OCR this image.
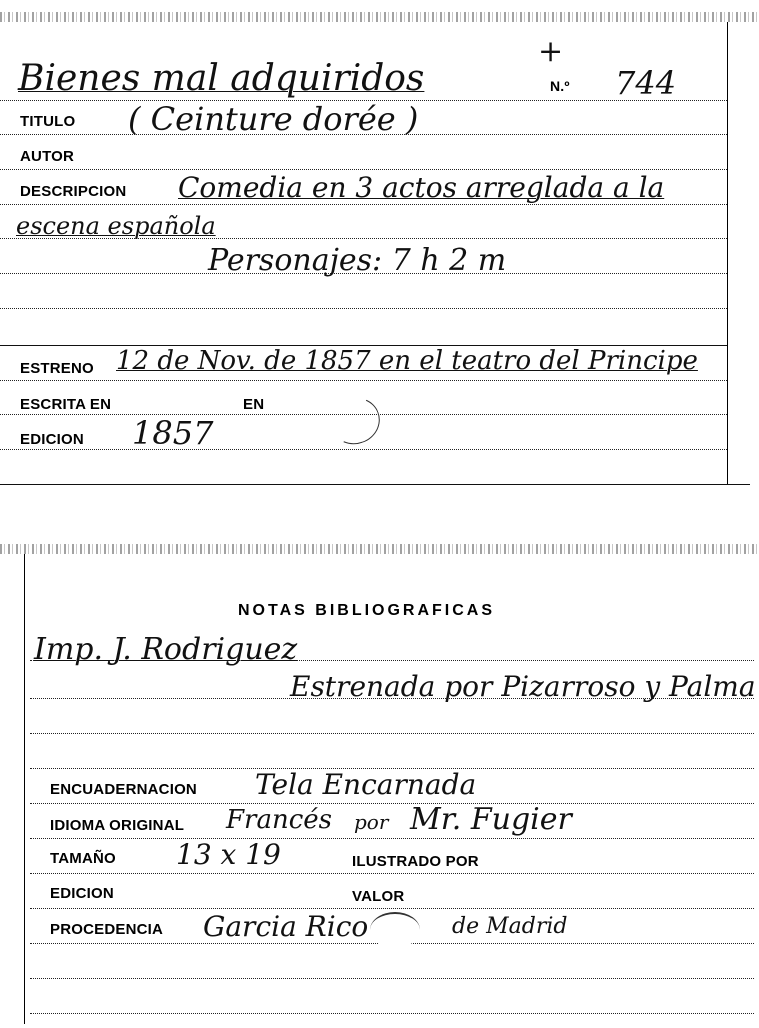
Bienes mal adquiridos
+
N.º 744
TITULO ( Ceinture dorée )
AUTOR
DESCRIPCION Comedia en 3 actos arreglada a la
escena española
Personajes: 7 h 2 m
ESTRENO 12 de Nov. de 1857 en el teatro del Principe
ESCRITA EN	EN
EDICION 1857
NOTAS BIBLIOGRAFICAS
Imp. J. Rodriguez
Estrenada por Pizarroso y Palma
ENCUADERNACION Tela Encarnada
IDIOMA ORIGINAL Francés por Mr. Fugier
TAMAÑO 13 x 19	ILUSTRADO POR
EDICION	VALOR
PROCEDENCIA Garcia Rico	de Madrid
